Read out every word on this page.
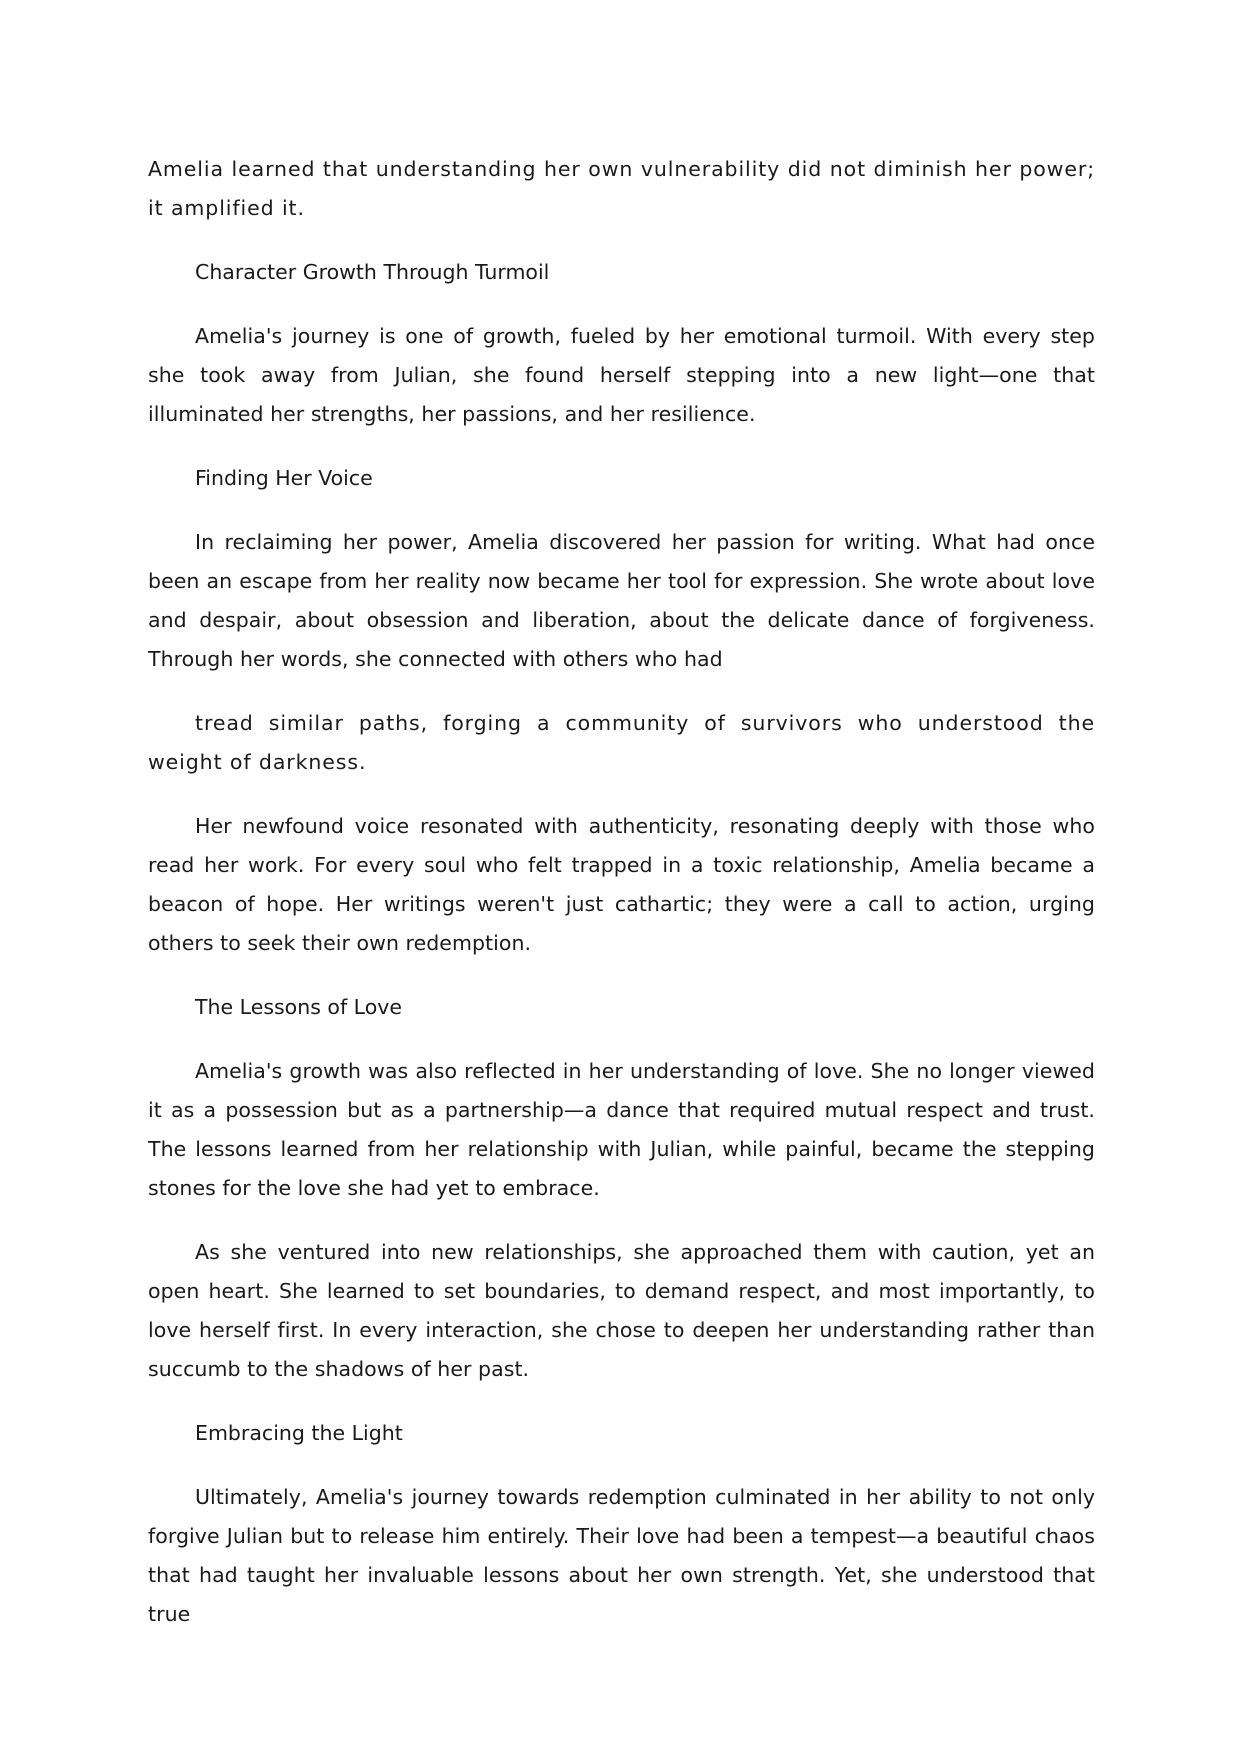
Amelia learned that understanding her own vulnerability did not diminish her power; it amplified it.

Character Growth Through Turmoil

Amelia's journey is one of growth, fueled by her emotional turmoil. With every step she took away from Julian, she found herself stepping into a new light—one that illuminated her strengths, her passions, and her resilience.

Finding Her Voice

In reclaiming her power, Amelia discovered her passion for writing. What had once been an escape from her reality now became her tool for expression. She wrote about love and despair, about obsession and liberation, about the delicate dance of forgiveness. Through her words, she connected with others who had

tread similar paths, forging a community of survivors who understood the weight of darkness.

Her newfound voice resonated with authenticity, resonating deeply with those who read her work. For every soul who felt trapped in a toxic relationship, Amelia became a beacon of hope. Her writings weren't just cathartic; they were a call to action, urging others to seek their own redemption.

The Lessons of Love

Amelia's growth was also reflected in her understanding of love. She no longer viewed it as a possession but as a partnership—a dance that required mutual respect and trust. The lessons learned from her relationship with Julian, while painful, became the stepping stones for the love she had yet to embrace.

As she ventured into new relationships, she approached them with caution, yet an open heart. She learned to set boundaries, to demand respect, and most importantly, to love herself first. In every interaction, she chose to deepen her understanding rather than succumb to the shadows of her past.

Embracing the Light

Ultimately, Amelia's journey towards redemption culminated in her ability to not only forgive Julian but to release him entirely. Their love had been a tempest—a beautiful chaos that had taught her invaluable lessons about her own strength. Yet, she understood that true
